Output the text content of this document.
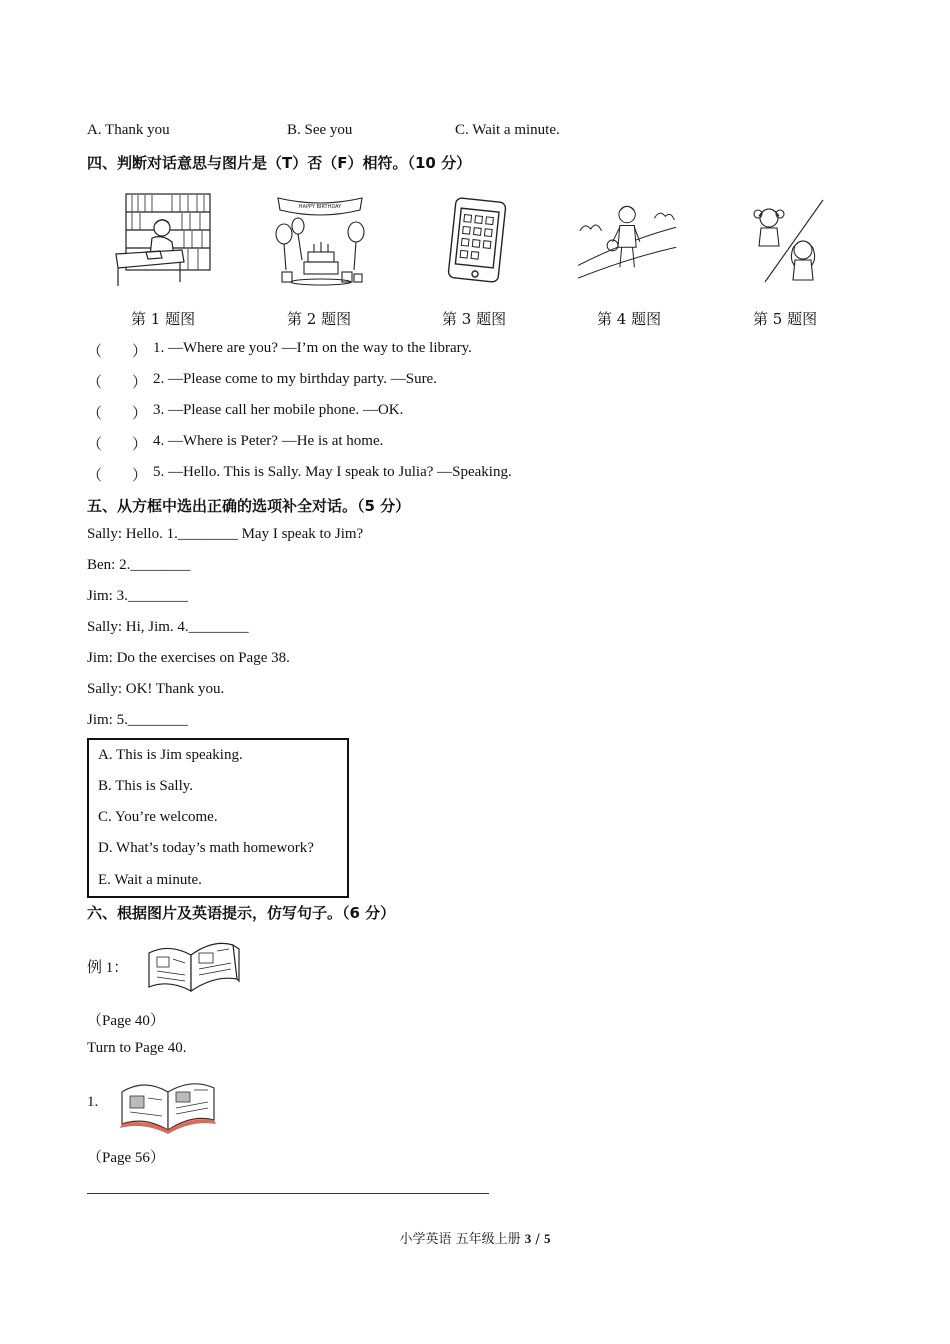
A. Thank you	B. See you	C. Wait a minute.
四、判断对话意思与图片是（T）否（F）相符。（10 分）
HAPPY BIRTHDAY
第 1 题图	第 2 题图	第 3 题图	第 4 题图	第 5 题图
（　　） 1. —Where are you? —I’m on the way to the library.
（　　） 2. —Please come to my birthday party. —Sure.
（　　） 3. —Please call her mobile phone. —OK.
（　　） 4. —Where is Peter? —He is at home.
（　　） 5. —Hello. This is Sally. May I speak to Julia? —Speaking.
五、从方框中选出正确的选项补全对话。（5 分）
Sally: Hello. 1.________ May I speak to Jim?
Ben: 2.________
Jim: 3.________
Sally: Hi, Jim. 4.________
Jim: Do the exercises on Page 38.
Sally: OK! Thank you.
Jim: 5.________
A. This is Jim speaking.
B. This is Sally.
C. You’re welcome.
D. What’s today’s math homework?
E. Wait a minute.
六、根据图片及英语提示，仿写句子。（6 分）
例 1：
（Page 40）
Turn to Page 40.
1.
（Page 56）
小学英语 五年级上册 3 / 5
